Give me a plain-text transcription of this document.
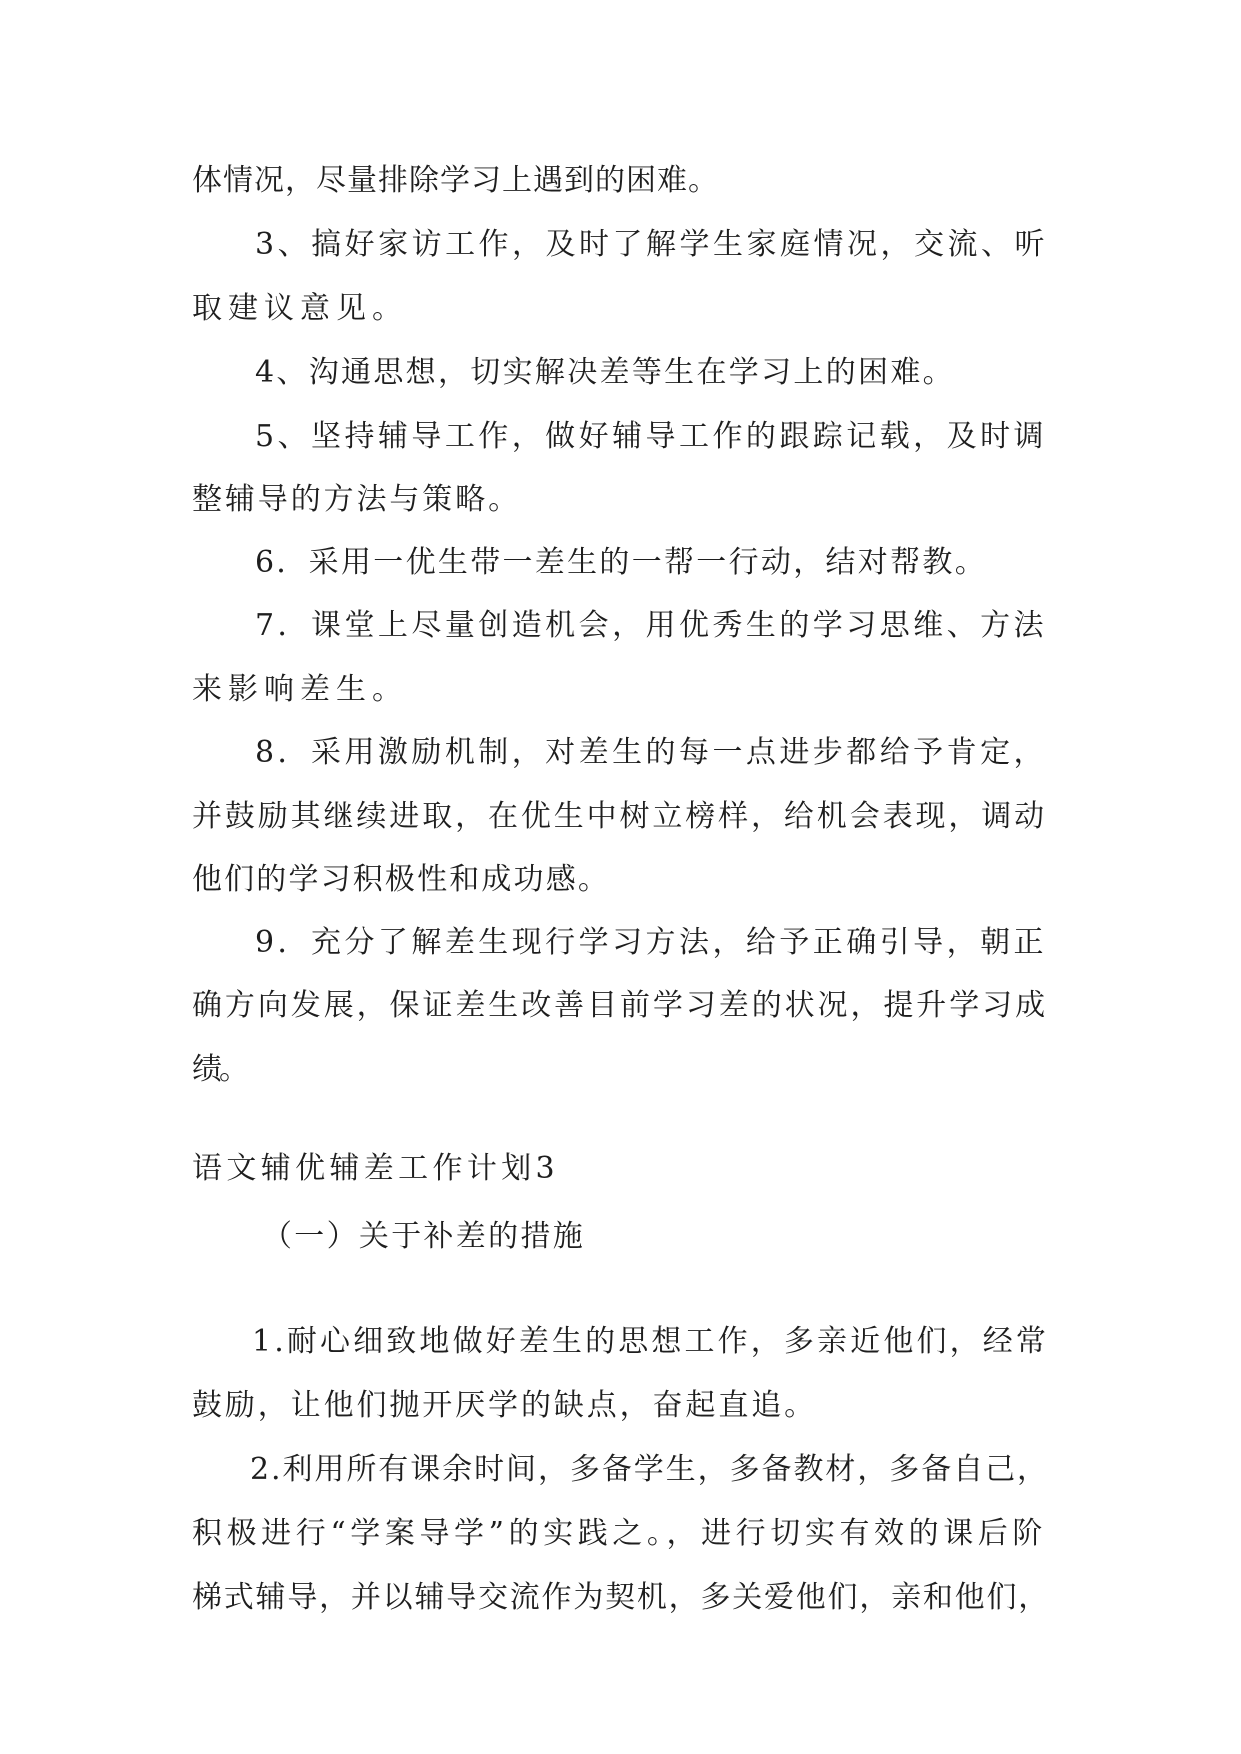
体情况，尽量排除学习上遇到的困难。
3、搞好家访工作，及时了解学生家庭情况，交流、听
取建议意见。
4、沟通思想，切实解决差等生在学习上的困难。
5、坚持辅导工作，做好辅导工作的跟踪记载，及时调
整辅导的方法与策略。
6．采用一优生带一差生的一帮一行动，结对帮教。
7．课堂上尽量创造机会，用优秀生的学习思维、方法
来影响差生。
8．采用激励机制，对差生的每一点进步都给予肯定，
并鼓励其继续进取，在优生中树立榜样，给机会表现，调动
他们的学习积极性和成功感。
9．充分了解差生现行学习方法，给予正确引导，朝正
确方向发展，保证差生改善目前学习差的状况，提升学习成
绩。
语文辅优辅差工作计划3
（一）关于补差的措施
1.耐心细致地做好差生的思想工作，多亲近他们，经常
鼓励，让他们抛开厌学的缺点，奋起直追。
2.利用所有课余时间，多备学生，多备教材，多备自己，
积极进行“学案导学”的实践之。，进行切实有效的课后阶
梯式辅导，并以辅导交流作为契机，多关爱他们，亲和他们，
